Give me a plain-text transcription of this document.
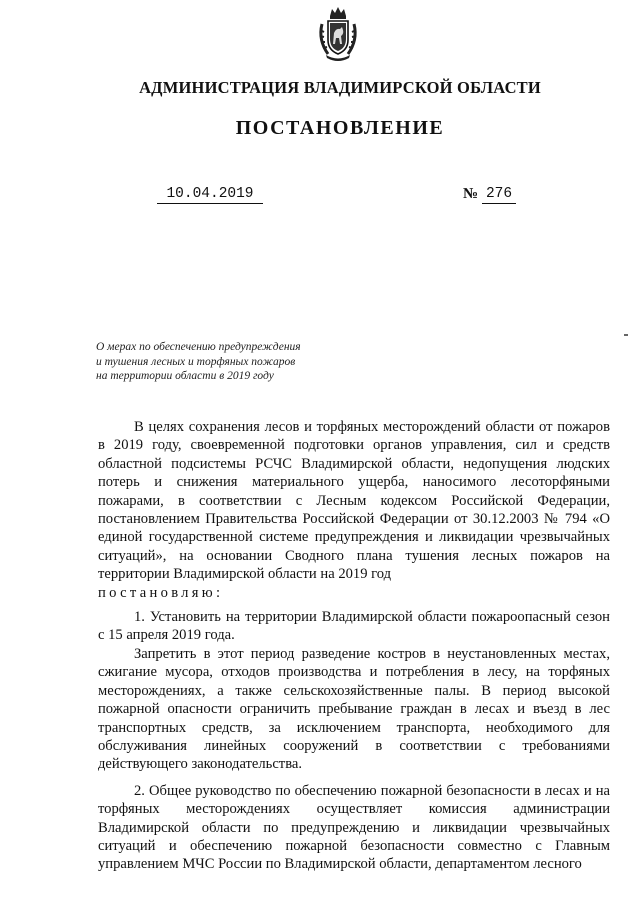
АДМИНИСТРАЦИЯ ВЛАДИМИРСКОЙ ОБЛАСТИ
ПОСТАНОВЛЕНИЕ
10.04.2019	№ 276
О мерах по обеспечению предупреждения
и тушения лесных и торфяных пожаров
на территории области в 2019 году

В целях сохранения лесов и торфяных месторождений области от пожаров в 2019 году, своевременной подготовки органов управления, сил и средств областной подсистемы РСЧС Владимирской области, недопущения людских потерь и снижения материального ущерба, наносимого лесоторфяными пожарами, в соответствии с Лесным кодексом Российской Федерации, постановлением Правительства Российской Федерации от 30.12.2003 № 794 «О единой государственной системе предупреждения и ликвидации чрезвычайных ситуаций», на основании Сводного плана тушения лесных пожаров на территории Владимирской области на 2019 год
постановляю:

1. Установить на территории Владимирской области пожароопасный сезон с 15 апреля 2019 года.

Запретить в этот период разведение костров в неустановленных местах, сжигание мусора, отходов производства и потребления в лесу, на торфяных месторождениях, а также сельскохозяйственные палы. В период высокой пожарной опасности ограничить пребывание граждан в лесах и въезд в лес транспортных средств, за исключением транспорта, необходимого для обслуживания линейных сооружений в соответствии с требованиями действующего законодательства.

2. Общее руководство по обеспечению пожарной безопасности в лесах и на торфяных месторождениях осуществляет комиссия администрации Владимирской области по предупреждению и ликвидации чрезвычайных ситуаций и обеспечению пожарной безопасности совместно с Главным управлением МЧС России по Владимирской области, департаментом лесного
